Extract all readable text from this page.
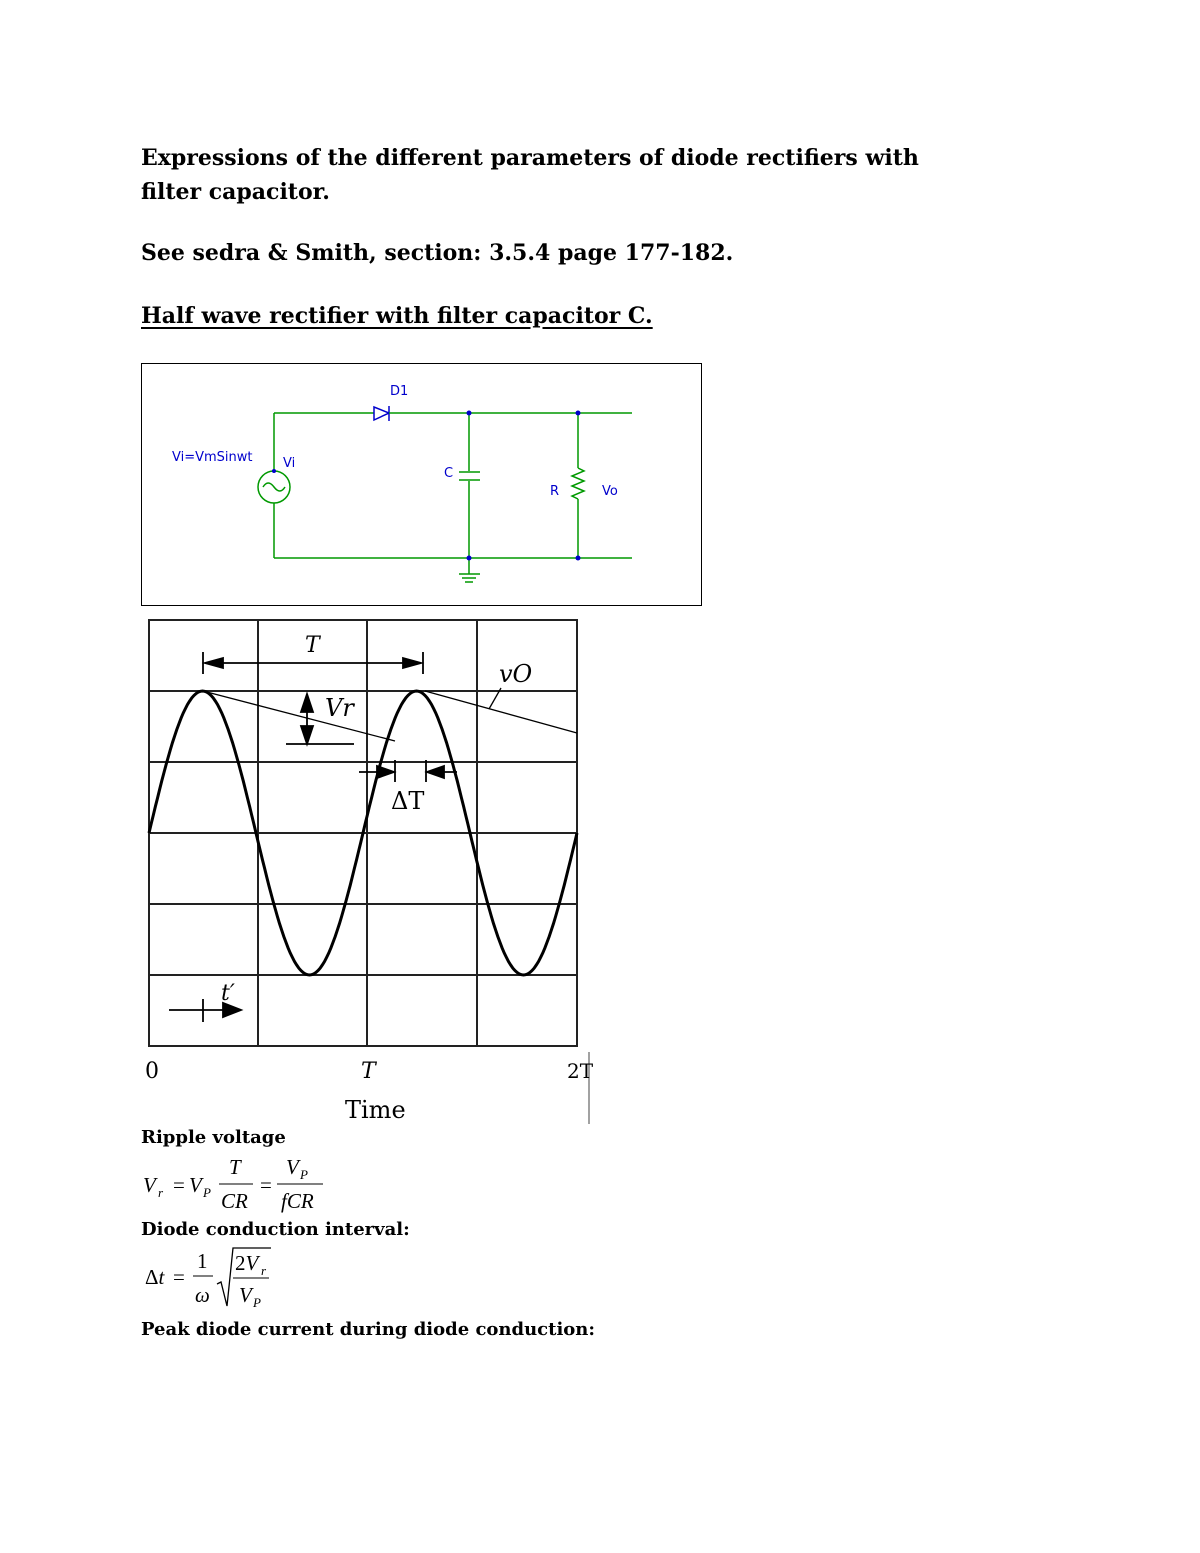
Expressions of the different parameters of diode rectifiers with filter capacitor.

See sedra & Smith, section: 3.5.4 page 177-182.

Half wave rectifier with filter capacitor C.

D1
Vi=VmSinwt Vi
C
R	Vo
T
Vr
vO
ΔT
t′
0	T	2T
Time

Ripple voltage

V r = V P
T
CR
=
V P
fCR

Diode conduction interval:

Δt =
1
ω
2V r
V P

Peak diode current during diode conduction:
